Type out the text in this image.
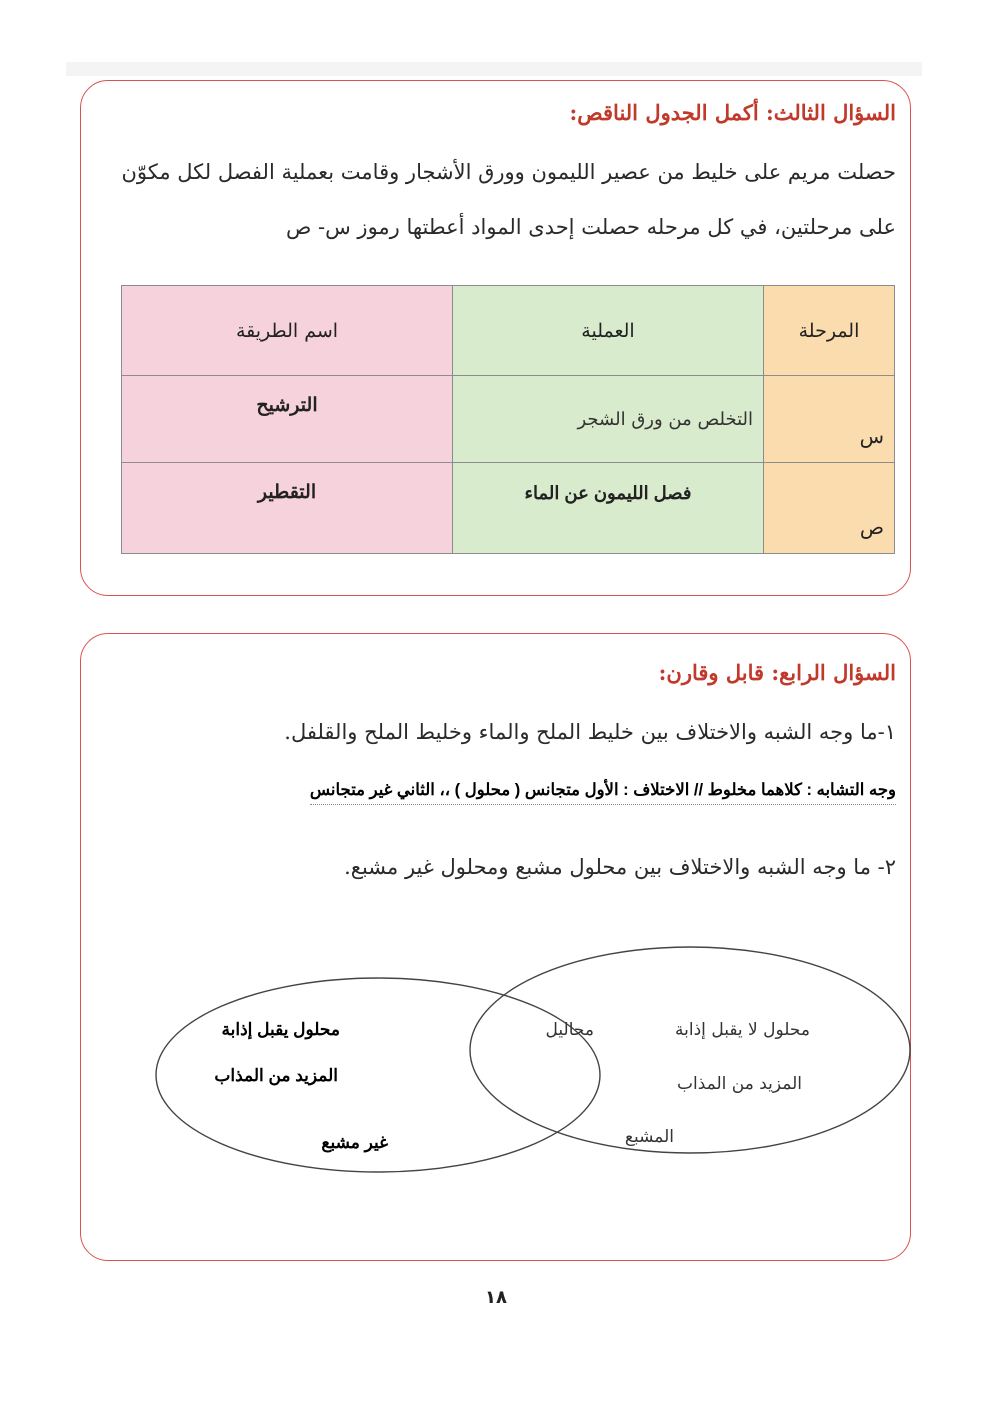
السؤال الثالث: أكمل الجدول الناقص:
حصلت مريم على خليط من عصير الليمون وورق الأشجار وقامت بعملية الفصل لكل مكوّن
على مرحلتين، في كل مرحله حصلت إحدى المواد أعطتها رموز س- ص
المرحلة	العملية	اسم الطريقة
س	التخلص من ورق الشجر	الترشيح
ص	فصل الليمون عن الماء	التقطير
السؤال الرابع: قابل وقارن:
١-ما وجه الشبه والاختلاف بين خليط الملح والماء وخليط الملح والقلفل.
وجه التشابه : كلاهما مخلوط // الاختلاف : الأول متجانس ( محلول ) ،، الثاني غير متجانس
٢- ما وجه الشبه والاختلاف بين محلول مشبع ومحلول غير مشبع.
محلول يقبل إذابة
المزيد من المذاب
غير مشبع
محاليل	محلول لا يقبل إذابة
المزيد من المذاب
المشبع
١٨
